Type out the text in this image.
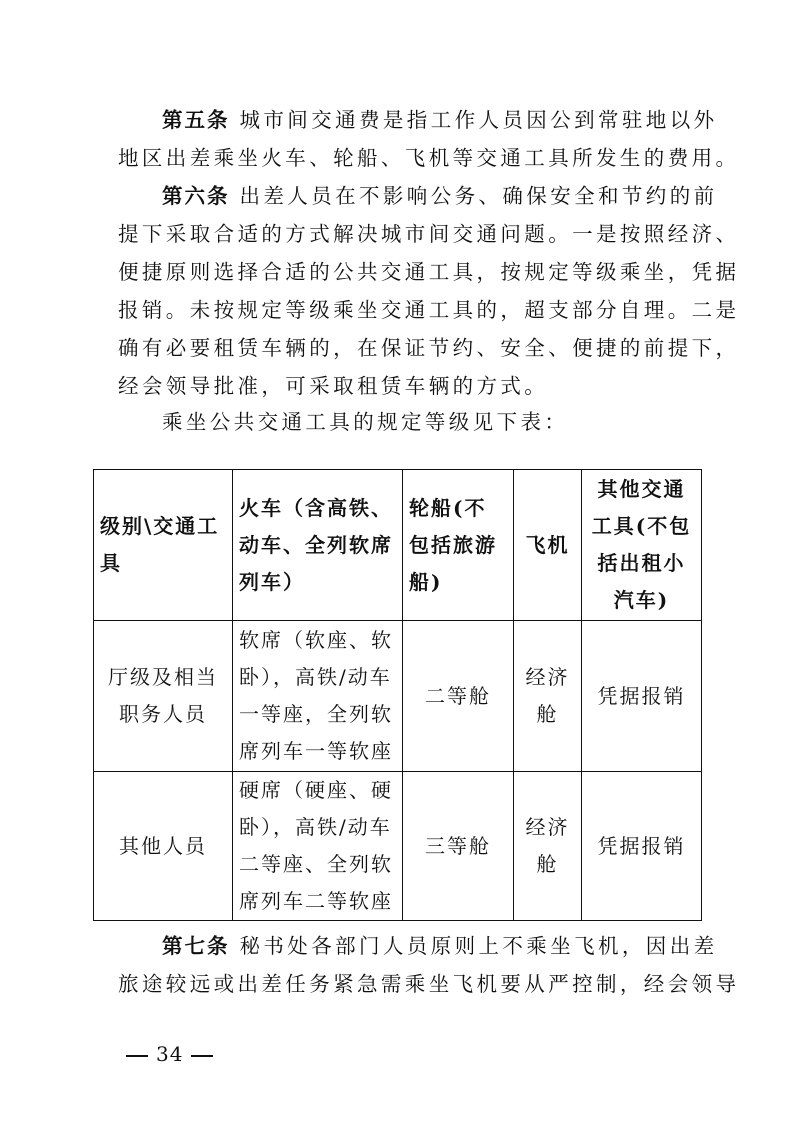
第五条 城市间交通费是指工作人员因公到常驻地以外
地区出差乘坐火车、轮船、飞机等交通工具所发生的费用。
第六条 出差人员在不影响公务、确保安全和节约的前
提下采取合适的方式解决城市间交通问题。一是按照经济、
便捷原则选择合适的公共交通工具，按规定等级乘坐，凭据
报销。未按规定等级乘坐交通工具的，超支部分自理。二是
确有必要租赁车辆的，在保证节约、安全、便捷的前提下，
经会领导批准，可采取租赁车辆的方式。
乘坐公共交通工具的规定等级见下表：
级别\交通工具	火车（含高铁、动车、全列软席列车）	轮船(不包括旅游船)	飞机	其他交通工具(不包括出租小汽车)
厅级及相当职务人员	软席（软座、软卧），高铁/动车一等座，全列软席列车一等软座	二等舱	经济舱	凭据报销
其他人员	硬席（硬座、硬卧），高铁/动车二等座、全列软席列车二等软座	三等舱	经济舱	凭据报销
第七条 秘书处各部门人员原则上不乘坐飞机，因出差
旅途较远或出差任务紧急需乘坐飞机要从严控制，经会领导
34
